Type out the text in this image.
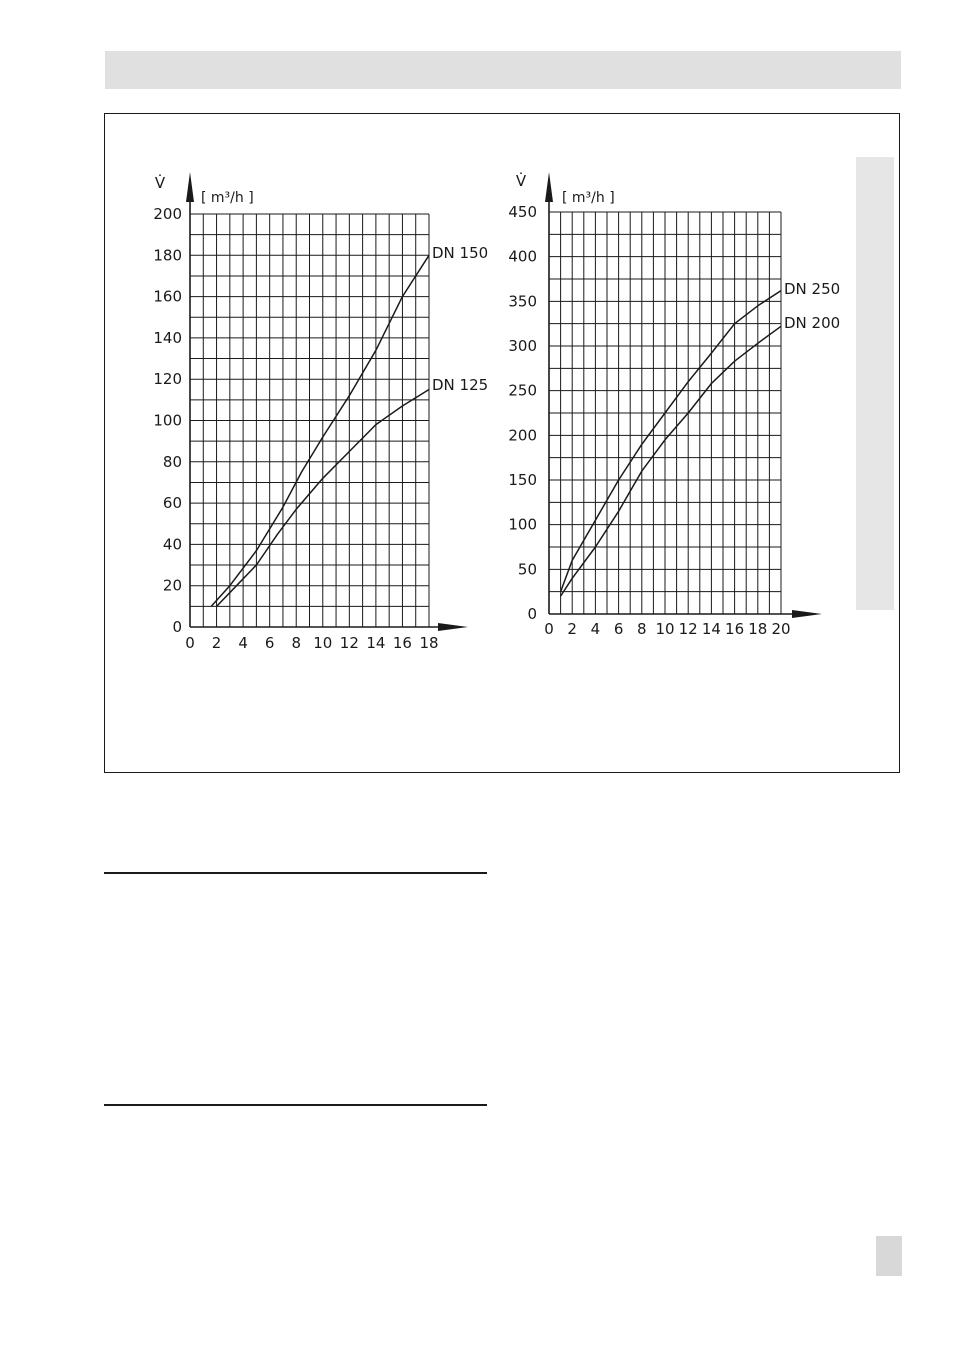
0
20
40
60
80
100
120
140
160
180
200
0 2 4 6 8 10 12 14 16 18
V̇
[ m³/h ]
DN 150
DN 125
0
50
100
150
200
250
300
350
400
450
0 2 4 6 8 10 12 14 16 18 20
V̇
[ m³/h ]
DN 250
DN 200
